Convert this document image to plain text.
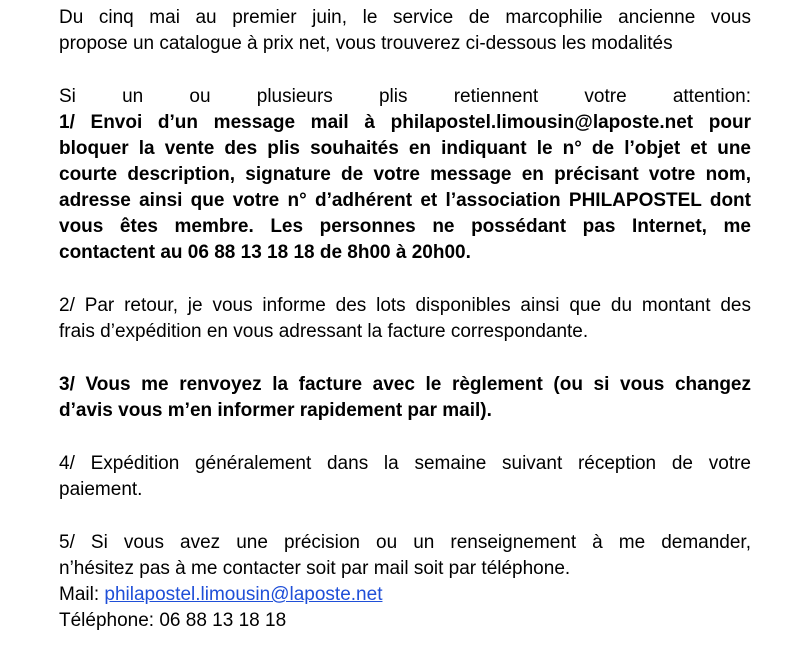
Du cinq mai au premier juin, le service de marcophilie ancienne vous
propose un catalogue à prix net, vous trouverez ci-dessous les modalités

Si un ou plusieurs plis retiennent votre attention:

1/ Envoi d’un message mail à philapostel.limousin@laposte.net pour
bloquer la vente des plis souhaités en indiquant le n° de l’objet et une
courte description, signature de votre message en précisant votre nom,
adresse ainsi que votre n° d’adhérent et l’association PHILAPOSTEL dont
vous êtes membre. Les personnes ne possédant pas Internet, me
contactent au 06 88 13 18 18 de 8h00 à 20h00.

2/ Par retour, je vous informe des lots disponibles ainsi que du montant des
frais d’expédition en vous adressant la facture correspondante.

3/ Vous me renvoyez la facture avec le règlement (ou si vous changez
d’avis vous m’en informer rapidement par mail).

4/ Expédition généralement dans la semaine suivant réception de votre
paiement.

5/ Si vous avez une précision ou un renseignement à me demander,
n’hésitez pas à me contacter soit par mail soit par téléphone.
Mail: philapostel.limousin@laposte.net
Téléphone: 06 88 13 18 18
